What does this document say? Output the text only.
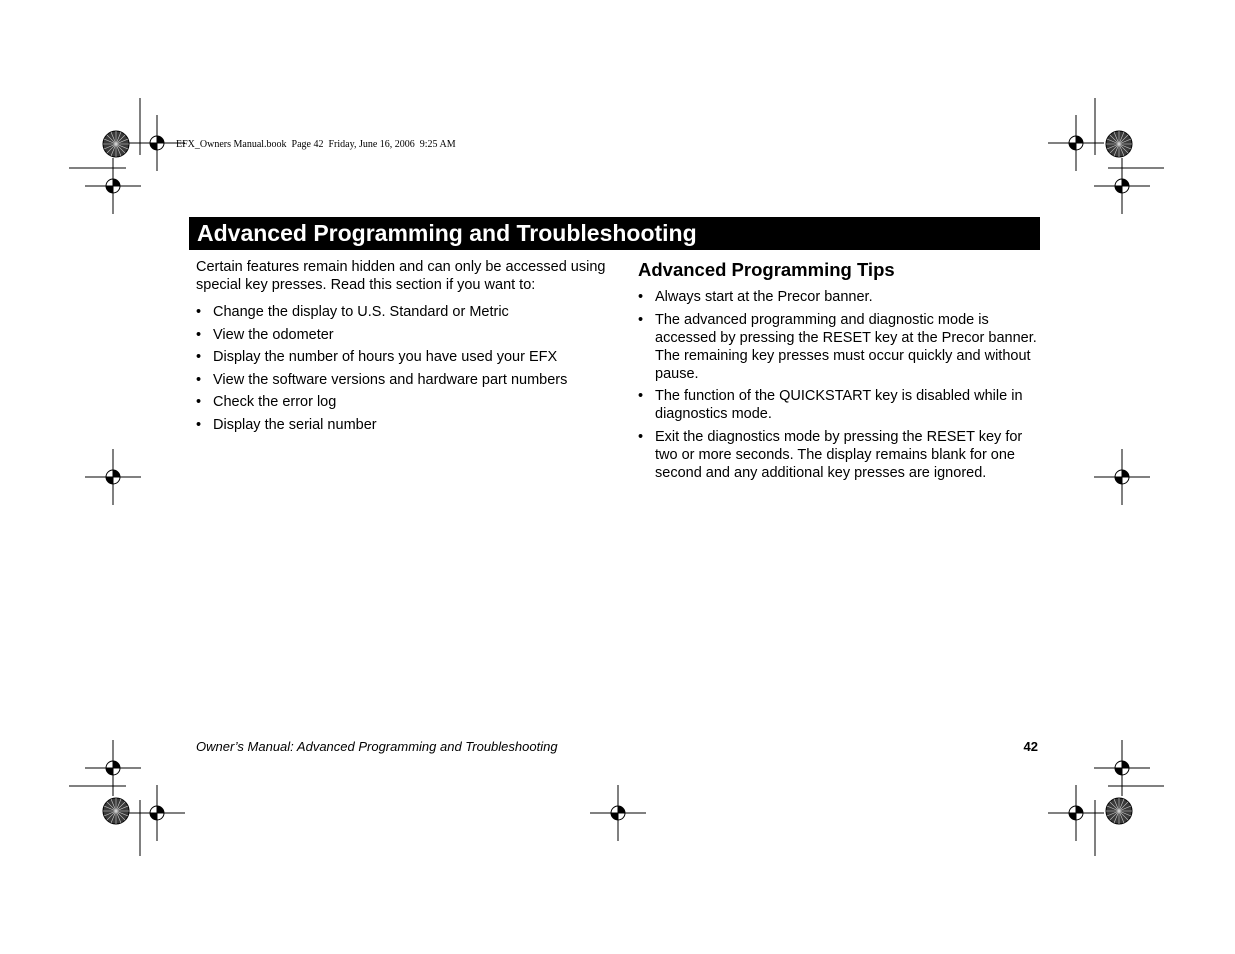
EFX_Owners Manual.book  Page 42  Friday, June 16, 2006  9:25 AM
Advanced Programming and Troubleshooting

Certain features remain hidden and can only be accessed using special key presses. Read this section if you want to:

• Change the display to U.S. Standard or Metric
• View the odometer
• Display the number of hours you have used your EFX
• View the software versions and hardware part numbers
• Check the error log
• Display the serial number
Advanced Programming Tips
• Always start at the Precor banner.
• The advanced programming and diagnostic mode is accessed by pressing the RESET key at the Precor banner. The remaining key presses must occur quickly and without pause.
• The function of the QUICKSTART key is disabled while in diagnostics mode.
• Exit the diagnostics mode by pressing the RESET key for two or more seconds. The display remains blank for one second and any additional key presses are ignored.
Owner’s Manual: Advanced Programming and Troubleshooting	42
